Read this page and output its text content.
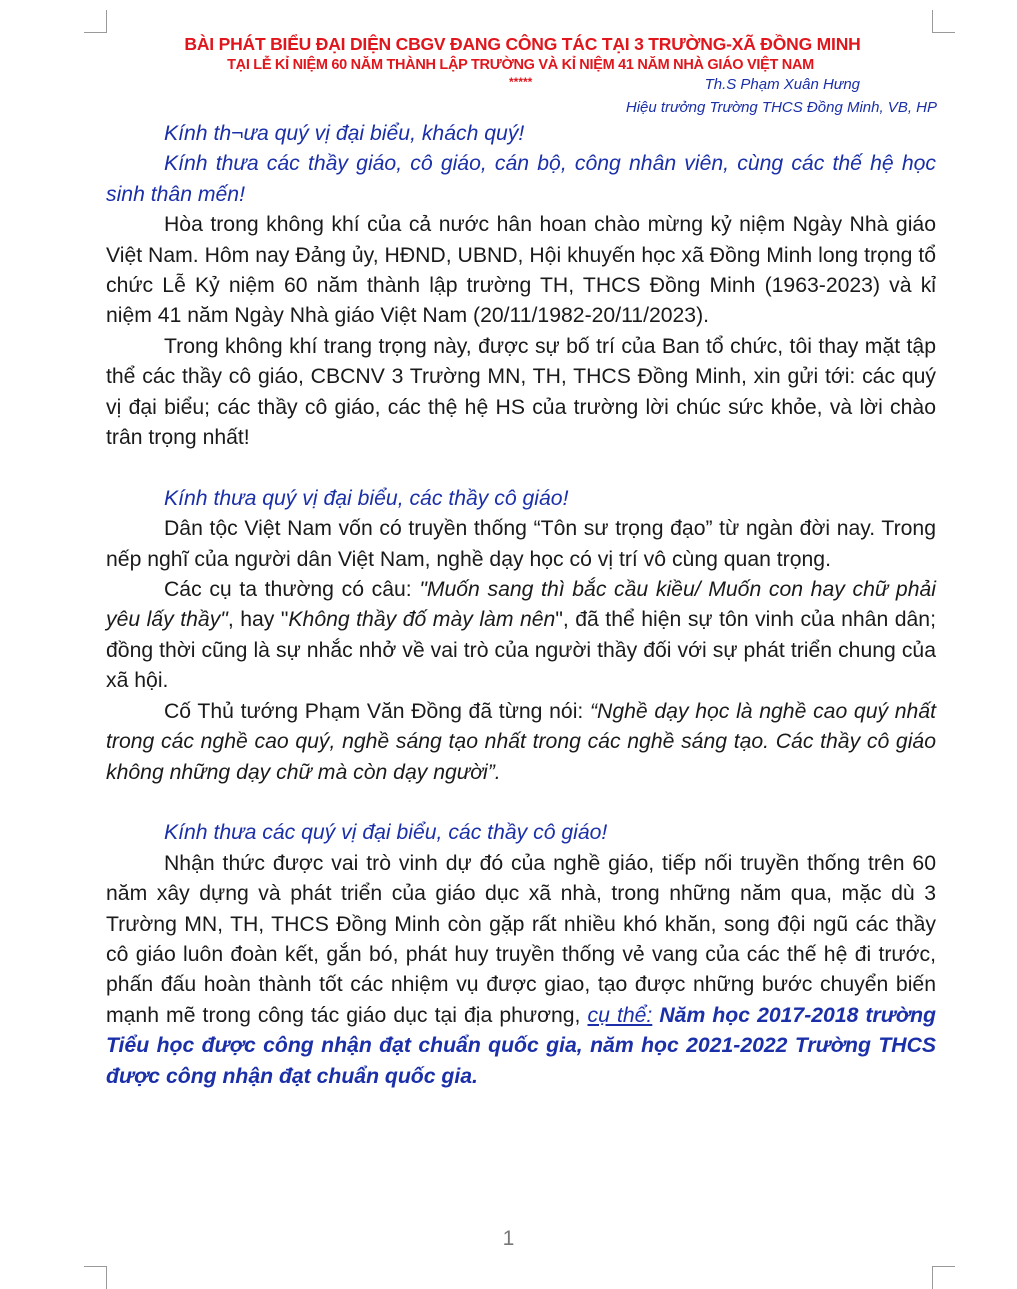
BÀI PHÁT BIỂU ĐẠI DIỆN CBGV ĐANG CÔNG TÁC TẠI 3 TRƯỜNG-XÃ ĐỒNG MINH
TẠI LỄ KỈ NIỆM 60 NĂM THÀNH LẬP TRƯỜNG VÀ KỈ NIỆM 41 NĂM NHÀ GIÁO VIỆT NAM
*****	Th.S Phạm Xuân Hưng
Hiệu trưởng Trường THCS Đồng Minh, VB, HP

Kính th¬ưa quý vị đại biểu, khách quý!

Kính thưa các thầy giáo, cô giáo, cán bộ, công nhân viên, cùng các thế hệ học sinh thân mến!

Hòa trong không khí của cả nước hân hoan chào mừng kỷ niệm Ngày Nhà giáo Việt Nam. Hôm nay Đảng ủy, HĐND, UBND, Hội khuyến học xã Đồng Minh long trọng tổ chức Lễ Kỷ niệm 60 năm thành lập trường TH, THCS Đồng Minh (1963-2023) và kỉ niệm 41 năm Ngày Nhà giáo Việt Nam (20/11/1982-20/11/2023).

Trong không khí trang trọng này, được sự bố trí của Ban tổ chức, tôi thay mặt tập thể các thầy cô giáo, CBCNV 3 Trường MN, TH, THCS Đồng Minh, xin gửi tới: các quý vị đại biểu; các thầy cô giáo, các thệ hệ HS của trường lời chúc sức khỏe, và lời chào trân trọng nhất!

Kính thưa quý vị đại biểu, các thầy cô giáo!

Dân tộc Việt Nam vốn có truyền thống “Tôn sư trọng đạo” từ ngàn đời nay. Trong nếp nghĩ của người dân Việt Nam, nghề dạy học có vị trí vô cùng quan trọng.

Các cụ ta thường có câu: "Muốn sang thì bắc cầu kiều/ Muốn con hay chữ phải yêu lấy thầy", hay "Không thầy đố mày làm nên", đã thể hiện sự tôn vinh của nhân dân; đồng thời cũng là sự nhắc nhở về vai trò của người thầy đối với sự phát triển chung của xã hội.

Cố Thủ tướng Phạm Văn Đồng đã từng nói: “Nghề dạy học là nghề cao quý nhất trong các nghề cao quý, nghề sáng tạo nhất trong các nghề sáng tạo. Các thầy cô giáo không những dạy chữ mà còn dạy người”.

Kính thưa các quý vị đại biểu, các thầy cô giáo!

Nhận thức được vai trò vinh dự đó của nghề giáo, tiếp nối truyền thống trên 60 năm xây dựng và phát triển của giáo dục xã nhà, trong những năm qua, mặc dù 3 Trường MN, TH, THCS Đồng Minh còn gặp rất nhiều khó khăn, song đội ngũ các thầy cô giáo luôn đoàn kết, gắn bó, phát huy truyền thống vẻ vang của các thế hệ đi trước, phấn đấu hoàn thành tốt các nhiệm vụ được giao, tạo được những bước chuyển biến mạnh mẽ trong công tác giáo dục tại địa phương, cụ thể: Năm học 2017-2018 trường Tiểu học được công nhận đạt chuẩn quốc gia, năm học 2021-2022 Trường THCS được công nhận đạt chuẩn quốc gia.

1
